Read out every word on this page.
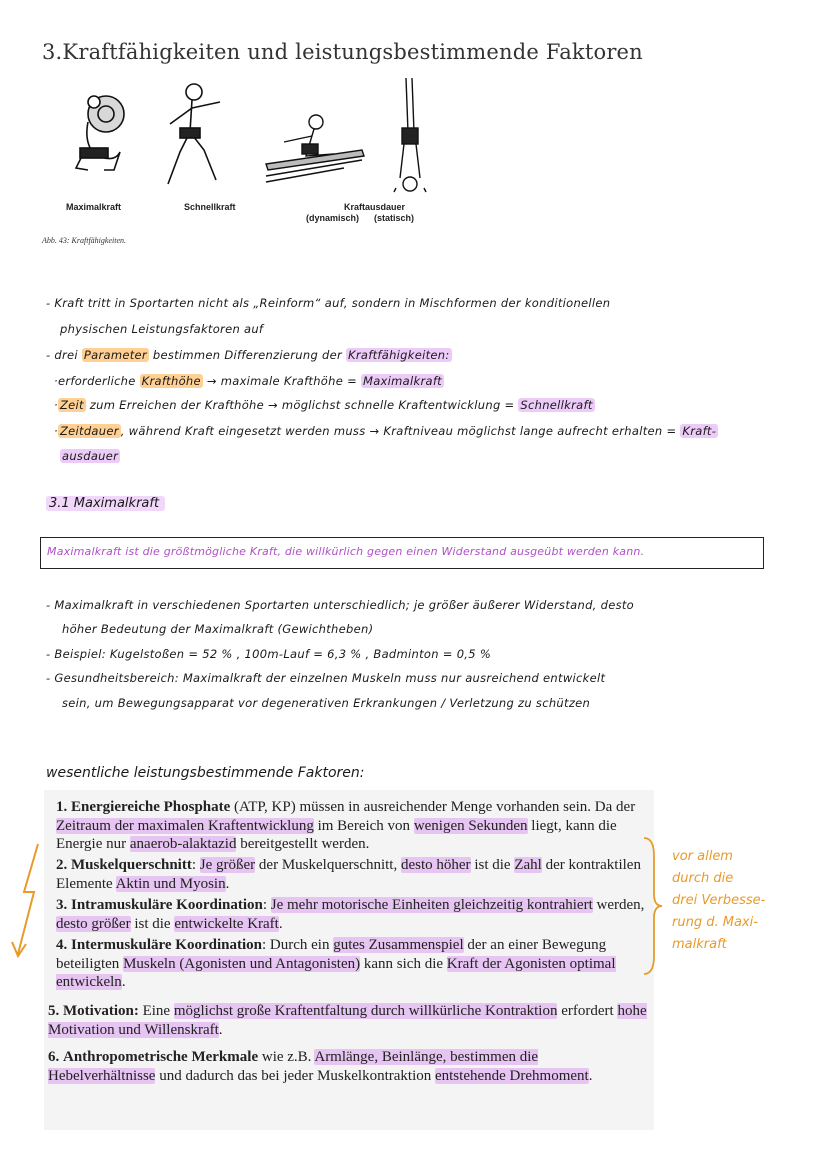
3.Kraftfähigkeiten und leistungsbestimmende Faktoren
Maximalkraft	Schnellkraft	Kraftausdauer
(dynamisch) (statisch)
Abb. 43: Kraftfähigkeiten.
- Kraft tritt in Sportarten nicht als „Reinform“ auf, sondern in Mischformen der konditionellen
physischen Leistungsfaktoren auf
- drei Parameter bestimmen Differenzierung der Kraftfähigkeiten:
·erforderliche Krafthöhe → maximale Krafthöhe = Maximalkraft
· Zeit zum Erreichen der Krafthöhe → möglichst schnelle Kraftentwicklung = Schnellkraft
· Zeitdauer , während Kraft eingesetzt werden muss → Kraftniveau möglichst lange aufrecht erhalten = Kraft-
ausdauer
3.1 Maximalkraft
Maximalkraft ist die größtmögliche Kraft, die willkürlich gegen einen Widerstand ausgeübt werden kann.
- Maximalkraft in verschiedenen Sportarten unterschiedlich; je größer äußerer Widerstand, desto
höher Bedeutung der Maximalkraft (Gewichtheben)
- Beispiel: Kugelstoßen = 52 % , 100m-Lauf = 6,3 % , Badminton = 0,5 %
- Gesundheitsbereich: Maximalkraft der einzelnen Muskeln muss nur ausreichend entwickelt
sein, um Bewegungsapparat vor degenerativen Erkrankungen / Verletzung zu schützen
wesentliche leistungsbestimmende Faktoren:
1. Energiereiche Phosphate (ATP, KP) müssen in ausreichender Menge vorhanden sein. Da der Zeitraum der maximalen Kraftentwicklung im Bereich von wenigen Sekunden liegt, kann die Energie nur anaerob-alaktazid bereitgestellt werden.
2. Muskelquerschnitt: Je größer der Muskelquerschnitt, desto höher ist die Zahl der kontraktilen Elemente Aktin und Myosin.
3. Intramuskuläre Koordination: Je mehr motorische Einheiten gleichzeitig kontrahiert werden, desto größer ist die entwickelte Kraft.
4. Intermuskuläre Koordination: Durch ein gutes Zusammenspiel der an einer Bewegung beteiligten Muskeln (Agonisten und Antagonisten) kann sich die Kraft der Agonisten optimal entwickeln.
5. Motivation: Eine möglichst große Kraftentfaltung durch willkürliche Kontraktion erfordert hohe Motivation und Willenskraft.
6. Anthropometrische Merkmale wie z.B. Armlänge, Beinlänge, bestimmen die Hebelverhältnisse und dadurch das bei jeder Muskelkontraktion entstehende Drehmoment.
vor allem
durch die
drei Verbesse-
rung d. Maxi-
malkraft
